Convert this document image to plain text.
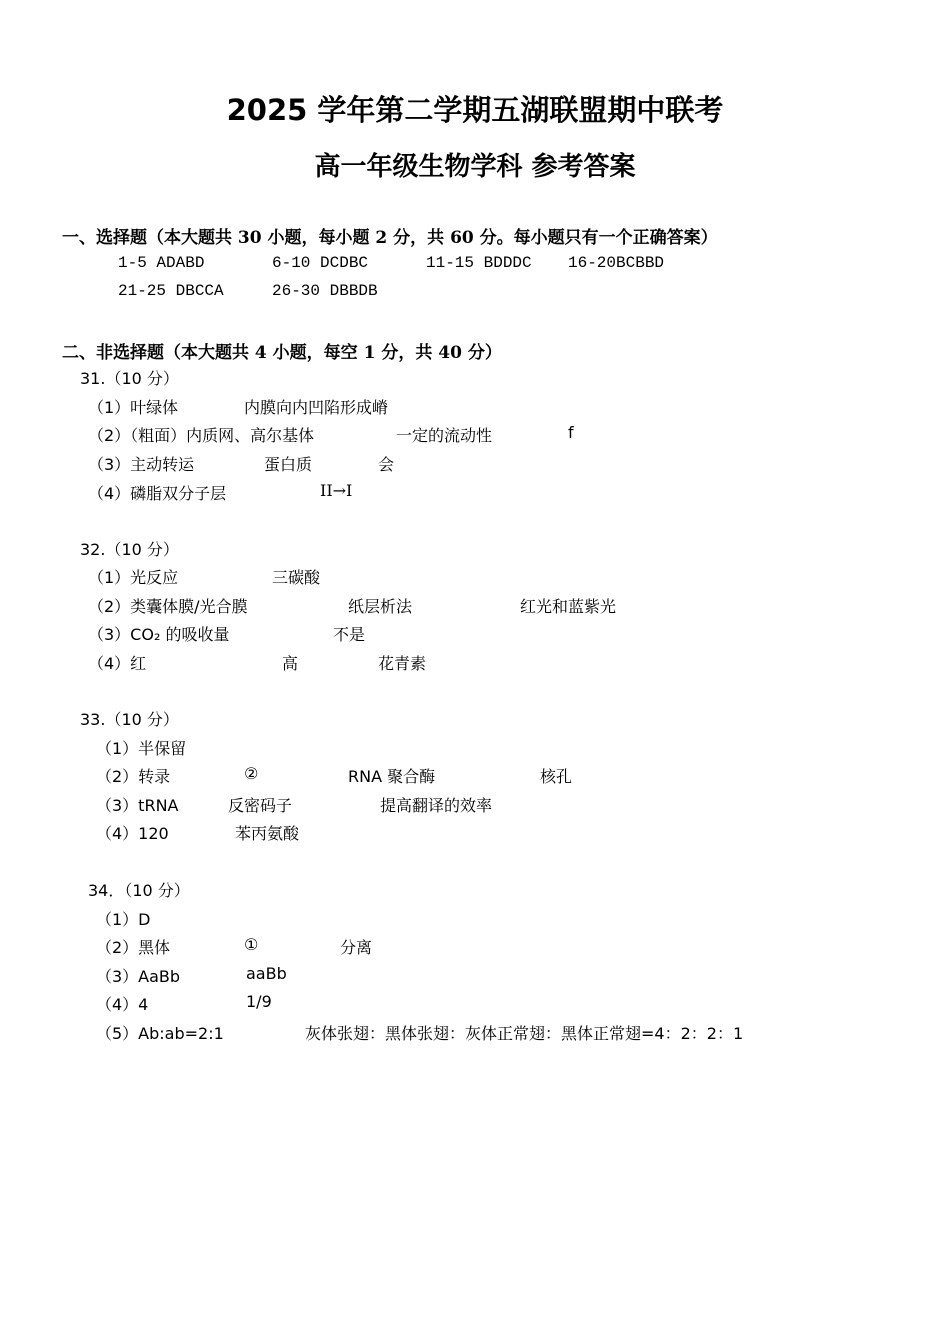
2025 学年第二学期五湖联盟期中联考
高一年级生物学科 参考答案
一、选择题（本大题共 30 小题，每小题 2 分，共 60 分。每小题只有一个正确答案）
1-5 ADABD	6-10 DCDBC	11-15 BDDDC 16-20BCBBD
21-25 DBCCA	26-30 DBBDB
二、非选择题（本大题共 4 小题，每空 1 分，共 40 分）
31.（10 分）
（1）叶绿体	内膜向内凹陷形成嵴
（2）（粗面）内质网、高尔基体	一定的流动性	f
（3）主动转运	蛋白质	会
（4）磷脂双分子层	II→I
32.（10 分）
（1）光反应	三碳酸
（2）类囊体膜/光合膜	纸层析法	红光和蓝紫光
（3）CO₂ 的吸收量	不是
（4）红	高	花青素
33.（10 分）
（1）半保留
（2）转录	②	RNA 聚合酶	核孔
（3）tRNA	反密码子	提高翻译的效率
（4）120	苯丙氨酸
34．（10 分）
（1）D
（2）黑体	①	分离
（3）AaBb	aaBb
（4）4	1/9
（5）Ab:ab=2:1	灰体张翅：黑体张翅：灰体正常翅：黑体正常翅=4：2：2：1
